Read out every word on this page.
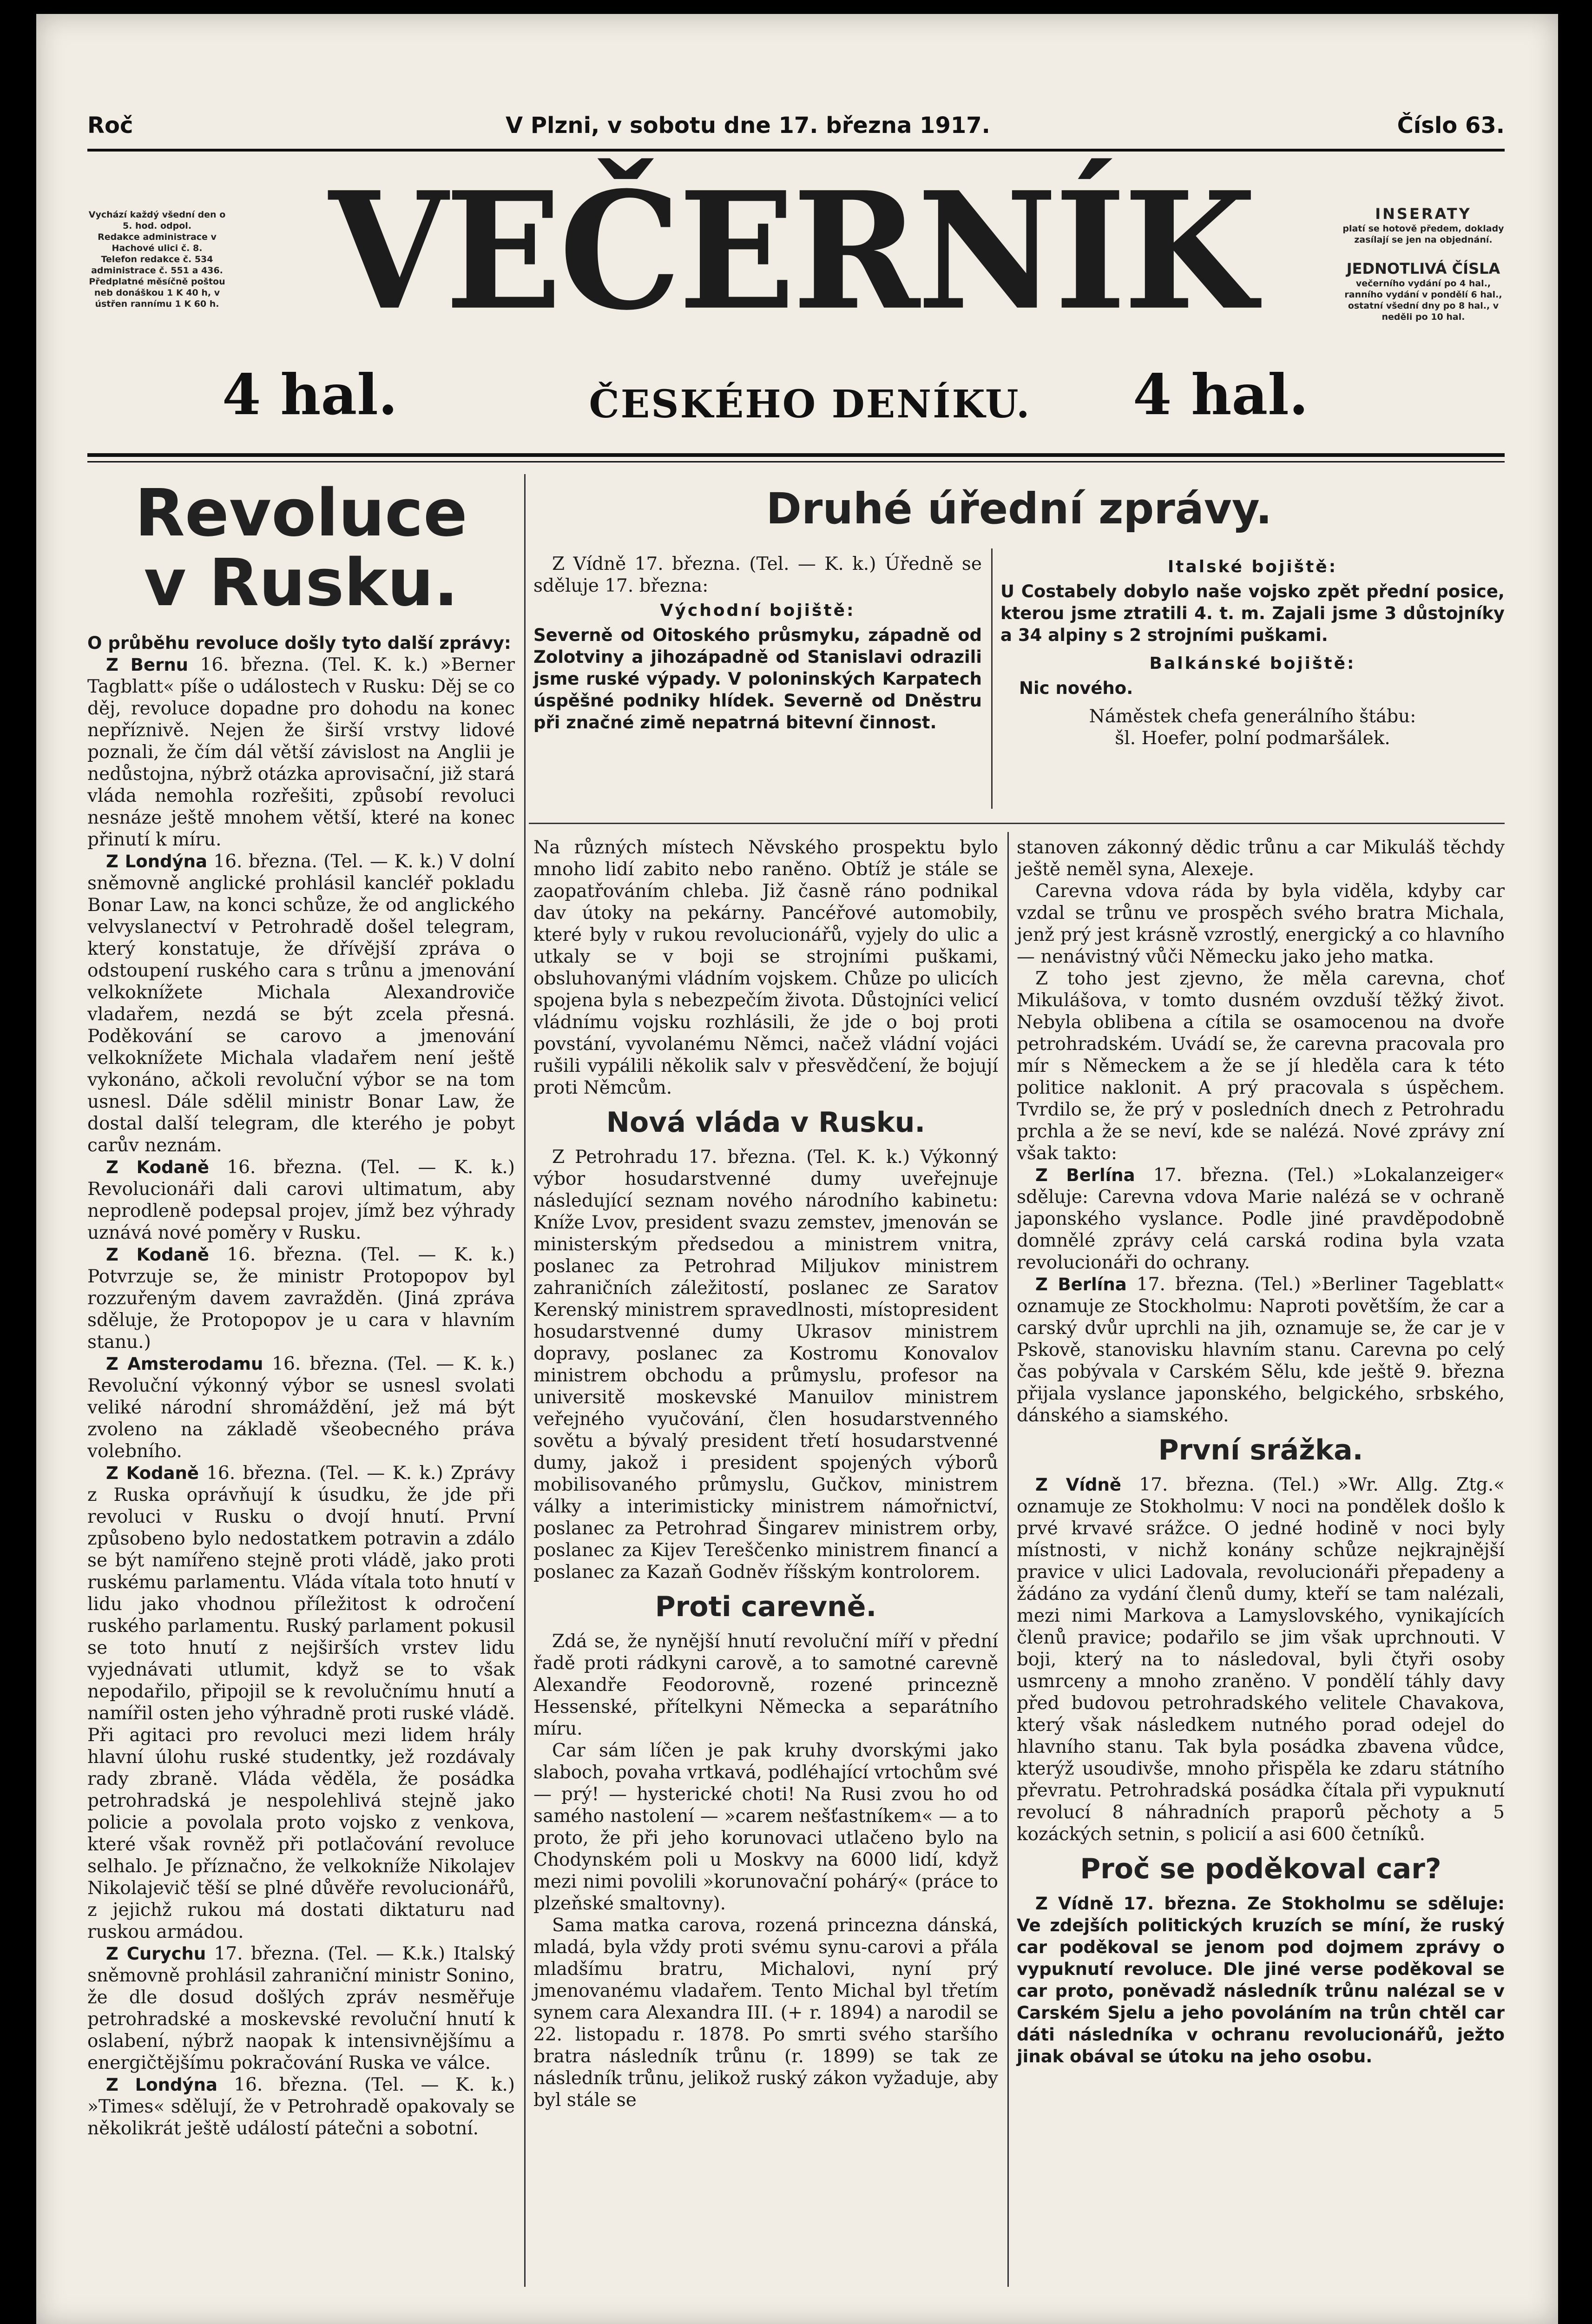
Roč	V Plzni, v sobotu dne 17. března 1917.	Číslo 63.
VEČERNÍK
Vychází každý všední den o 5. hod. odpol.
Redakce administrace v Hachové ulici č. 8.
Telefon redakce č. 534 administrace č. 551 a 436.
Předplatné měsíčně poštou neb donáškou 1 K 40 h, v ústřen rannímu 1 K 60 h.
INSERATY
platí se hotově předem, doklady zasílají se jen na objednání.
JEDNOTLIVÁ ČÍSLA
večerního vydání po 4 hal., ranního vydání v pondělí 6 hal., ostatní všední dny po 8 hal., v neděli po 10 hal.
4 hal.	ČESKÉHO DENÍKU.	4 hal.
Revoluce
v Rusku.

O průběhu revoluce došly tyto další zprávy:

Z Bernu 16. března. (Tel. K. k.) »Berner Tagblatt« píše o událostech v Rusku: Děj se co děj, revoluce dopadne pro dohodu na konec nepříznivě. Nejen že širší vrstvy lidové poznali, že čím dál větší závislost na Anglii je nedůstojna, nýbrž otázka aprovisační, již stará vláda nemohla rozřešiti, způsobí revoluci nesnáze ještě mnohem větší, které na konec přinutí k míru.

Z Londýna 16. března. (Tel. — K. k.) V dolní sněmovně anglické prohlásil kancléř pokladu Bonar Law, na konci schůze, že od anglického velvyslanectví v Petrohradě došel telegram, který konstatuje, že dřívější zpráva o odstoupení ruského cara s trůnu a jmenování velkoknížete Michala Alexandroviče vladařem, nezdá se být zcela přesná. Poděkování se carovo a jmenování velkoknížete Michala vladařem není ještě vykonáno, ačkoli revoluční výbor se na tom usnesl. Dále sdělil ministr Bonar Law, že dostal další telegram, dle kterého je pobyt carův neznám.

Z Kodaně 16. března. (Tel. — K. k.) Revolucionáři dali carovi ultimatum, aby neprodleně podepsal projev, jímž bez výhrady uznává nové poměry v Rusku.

Z Kodaně 16. března. (Tel. — K. k.) Potvrzuje se, že ministr Protopopov byl rozzuřeným davem zavražděn. (Jiná zpráva sděluje, že Protopopov je u cara v hlavním stanu.)

Z Amsterodamu 16. března. (Tel. — K. k.) Revoluční výkonný výbor se usnesl svolati veliké národní shromáždění, jež má být zvoleno na základě všeobecného práva volebního.

Z Kodaně 16. března. (Tel. — K. k.) Zprávy z Ruska oprávňují k úsudku, že jde při revoluci v Rusku o dvojí hnutí. První způsobeno bylo nedostatkem potravin a zdálo se být namířeno stejně proti vládě, jako proti ruskému parlamentu. Vláda vítala toto hnutí v lidu jako vhodnou příležitost k odročení ruského parlamentu. Ruský parlament pokusil se toto hnutí z nejširších vrstev lidu vyjednávati utlumit, když se to však nepodařilo, připojil se k revolučnímu hnutí a namířil osten jeho výhradně proti ruské vládě. Při agitaci pro revoluci mezi lidem hrály hlavní úlohu ruské studentky, jež rozdávaly rady zbraně. Vláda věděla, že posádka petrohradská je nespolehlivá stejně jako policie a povolala proto vojsko z venkova, které však rovněž při potlačování revoluce selhalo. Je příznačno, že velkokníže Nikolajev Nikolajevič těší se plné důvěře revolucionářů, z jejichž rukou má dostati diktaturu nad ruskou armádou.

Z Curychu 17. března. (Tel. — K.k.) Italský sněmovně prohlásil zahraniční ministr Sonino, že dle dosud došlých zpráv nesměřuje petrohradské a moskevské revoluční hnutí k oslabení, nýbrž naopak k intensivnějšímu a energičtějšímu pokračování Ruska ve válce.

Z Londýna 16. března. (Tel. — K. k.) »Times« sdělují, že v Petrohradě opakovaly se několikrát ještě událostí pátečni a sobotní.

Druhé úřední zprávy.

Z Vídně 17. března. (Tel. — K. k.) Úředně se sděluje 17. března:

Východní bojiště:

Severně od Oitoského průsmyku, západně od Zolotviny a jihozápadně od Stanislavi odrazili jsme ruské výpady. V poloninských Karpatech úspěšné podniky hlídek. Severně od Dněstru při značné zimě nepatrná bitevní činnost.

Italské bojiště:

U Costabely dobylo naše vojsko zpět přední posice, kterou jsme ztratili 4. t. m. Zajali jsme 3 důstojníky a 34 alpiny s 2 strojními puškami.

Balkánské bojiště:

Nic nového.

Náměstek chefa generálního štábu:

šl. Hoefer, polní podmaršálek.

Na různých místech Něvského prospektu bylo mnoho lidí zabito nebo raněno. Obtíž je stále se zaopatřováním chleba. Již časně ráno podnikal dav útoky na pekárny. Pancéřové automobily, které byly v rukou revolucionářů, vyjely do ulic a utkaly se v boji se strojními puškami, obsluhovanými vládním vojskem. Chůze po ulicích spojena byla s nebezpečím života. Důstojníci velicí vládnímu vojsku rozhlásili, že jde o boj proti povstání, vyvolanému Němci, načež vládní vojáci rušili vypálili několik salv v přesvědčení, že bojují proti Němcům.

Nová vláda v Rusku.

Z Petrohradu 17. března. (Tel. K. k.) Výkonný výbor hosudarstvenné dumy uveřejnuje následující seznam nového národního kabinetu: Kníže Lvov, president svazu zemstev, jmenován se ministerským předsedou a ministrem vnitra, poslanec za Petrohrad Miljukov ministrem zahraničních záležitostí, poslanec ze Saratov Kerenský ministrem spravedlnosti, místopresident hosudarstvenné dumy Ukrasov ministrem dopravy, poslanec za Kostromu Konovalov ministrem obchodu a průmyslu, profesor na universitě moskevské Manuilov ministrem veřejného vyučování, člen hosudarstvenného sovětu a bývalý president třetí hosudarstvenné dumy, jakož i president spojených výborů mobilisovaného průmyslu, Gučkov, ministrem války a interimisticky ministrem námořnictví, poslanec za Petrohrad Šingarev ministrem orby, poslanec za Kijev Tereščenko ministrem financí a poslanec za Kazaň Godněv říšským kontrolorem.

Proti carevně.

Zdá se, že nynější hnutí revoluční míří v přední řadě proti rádkyni carově, a to samotné carevně Alexandře Feodorovně, rozené princezně Hessenské, přítelkyni Německa a separátního míru.

Car sám líčen je pak kruhy dvorskými jako slaboch, povaha vrtkavá, podléhající vrtochům své — prý! — hysterické choti! Na Rusi zvou ho od samého nastolení — »carem nešťastníkem« — a to proto, že při jeho korunovaci utlačeno bylo na Chodynském poli u Moskvy na 6000 lidí, když mezi nimi povolili »korunovační pohárý« (práce to plzeňské smaltovny).

Sama matka carova, rozená princezna dánská, mladá, byla vždy proti svému synu-carovi a přála mladšímu bratru, Michalovi, nyní prý jmenovanému vladařem. Tento Michal byl třetím synem cara Alexandra III. (+ r. 1894) a narodil se 22. listopadu r. 1878. Po smrti svého staršího bratra následník trůnu (r. 1899) se tak ze následník trůnu, jelikož ruský zákon vyžaduje, aby byl stále se

stanoven zákonný dědic trůnu a car Mikuláš těchdy ještě neměl syna, Alexeje.

Carevna vdova ráda by byla viděla, kdyby car vzdal se trůnu ve prospěch svého bratra Michala, jenž prý jest krásně vzrostlý, energický a co hlavního — nenávistný vůči Německu jako jeho matka.

Z toho jest zjevno, že měla carevna, choť Mikulášova, v tomto dusném ovzduší těžký život. Nebyla oblibena a cítila se osamocenou na dvoře petrohradském. Uvádí se, že carevna pracovala pro mír s Německem a že se jí hleděla cara k této politice naklonit. A prý pracovala s úspěchem. Tvrdilo se, že prý v posledních dnech z Petrohradu prchla a že se neví, kde se nalézá. Nové zprávy zní však takto:

Z Berlína 17. března. (Tel.) »Lokalanzeiger« sděluje: Carevna vdova Marie nalézá se v ochraně japonského vyslance. Podle jiné pravděpodobně domnělé zprávy celá carská rodina byla vzata revolucionáři do ochrany.

Z Berlína 17. března. (Tel.) »Berliner Tageblatt« oznamuje ze Stockholmu: Naproti povětším, že car a carský dvůr uprchli na jih, oznamuje se, že car je v Pskově, stanovisku hlavním stanu. Carevna po celý čas pobývala v Carském Sělu, kde ještě 9. března přijala vyslance japonského, belgického, srbského, dánského a siamského.

První srážka.

Z Vídně 17. března. (Tel.) »Wr. Allg. Ztg.« oznamuje ze Stokholmu: V noci na pondělek došlo k prvé krvavé srážce. O jedné hodině v noci byly místnosti, v nichž konány schůze nejkrajnější pravice v ulici Ladovala, revolucionáři přepadeny a žádáno za vydání členů dumy, kteří se tam nalézali, mezi nimi Markova a Lamyslovského, vynikajících členů pravice; podařilo se jim však uprchnouti. V boji, který na to následoval, byli čtyři osoby usmrceny a mnoho zraněno. V pondělí táhly davy před budovou petrohradského velitele Chavakova, který však následkem nutného porad odejel do hlavního stanu. Tak byla posádka zbavena vůdce, kterýž usoudivše, mnoho přispěla ke zdaru státního převratu. Petrohradská posádka čítala při vypuknutí revolucí 8 náhradních praporů pěchoty a 5 kozáckých setnin, s policií a asi 600 četníků.

Proč se poděkoval car?

Z Vídně 17. března. Ze Stokholmu se sděluje: Ve zdejších politických kruzích se míní, že ruský car poděkoval se jenom pod dojmem zprávy o vypuknutí revoluce. Dle jiné verse poděkoval se car proto, poněvadž následník trůnu nalézal se v Carském Sjelu a jeho povoláním na trůn chtěl car dáti následníka v ochranu revolucionářů, ježto jinak obával se útoku na jeho osobu.
